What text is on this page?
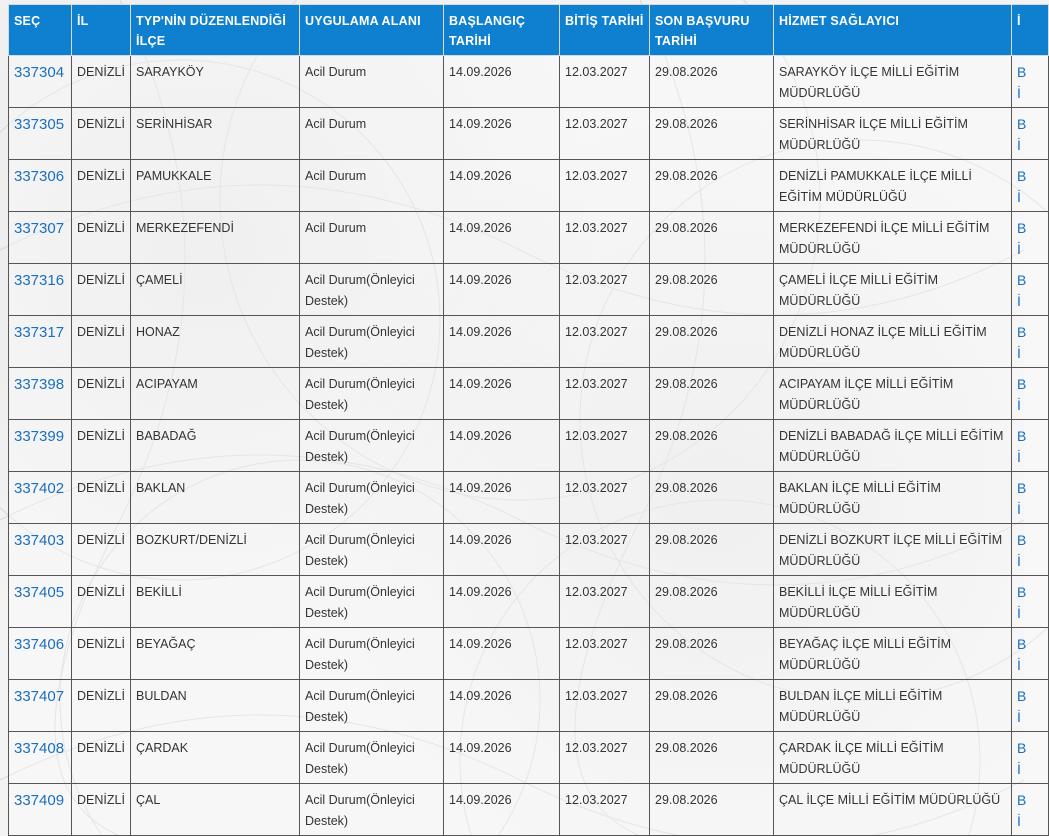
SEÇ	İL	TYP'NİN DÜZENLENDİĞİ İLÇE	UYGULAMA ALANI	BAŞLANGIÇ TARİHİ	BİTİŞ TARİHİ	SON BAŞVURU TARİHİ	HİZMET SAĞLAYICI	İ
337304	DENİZLİ	SARAYKÖY	Acil Durum	14.09.2026	12.03.2027	29.08.2026	SARAYKÖY İLÇE MİLLİ EĞİTİM MÜDÜRLÜĞÜ	B
İ

337305	DENİZLİ	SERİNHİSAR	Acil Durum	14.09.2026	12.03.2027	29.08.2026	SERİNHİSAR İLÇE MİLLİ EĞİTİM MÜDÜRLÜĞÜ	B
İ

337306	DENİZLİ	PAMUKKALE	Acil Durum	14.09.2026	12.03.2027	29.08.2026	DENİZLİ PAMUKKALE İLÇE MİLLİ EĞİTİM MÜDÜRLÜĞÜ	B
İ

337307	DENİZLİ	MERKEZEFENDİ	Acil Durum	14.09.2026	12.03.2027	29.08.2026	MERKEZEFENDİ İLÇE MİLLİ EĞİTİM MÜDÜRLÜĞÜ	B
İ

337316	DENİZLİ	ÇAMELİ	Acil Durum(Önleyici Destek)	14.09.2026	12.03.2027	29.08.2026	ÇAMELİ İLÇE MİLLİ EĞİTİM MÜDÜRLÜĞÜ	B
İ

337317	DENİZLİ	HONAZ	Acil Durum(Önleyici Destek)	14.09.2026	12.03.2027	29.08.2026	DENİZLİ HONAZ İLÇE MİLLİ EĞİTİM MÜDÜRLÜĞÜ	B
İ

337398	DENİZLİ	ACIPAYAM	Acil Durum(Önleyici Destek)	14.09.2026	12.03.2027	29.08.2026	ACIPAYAM İLÇE MİLLİ EĞİTİM MÜDÜRLÜĞÜ	B
İ

337399	DENİZLİ	BABADAĞ	Acil Durum(Önleyici Destek)	14.09.2026	12.03.2027	29.08.2026	DENİZLİ BABADAĞ İLÇE MİLLİ EĞİTİM MÜDÜRLÜĞÜ	B
İ

337402	DENİZLİ	BAKLAN	Acil Durum(Önleyici Destek)	14.09.2026	12.03.2027	29.08.2026	BAKLAN İLÇE MİLLİ EĞİTİM MÜDÜRLÜĞÜ	B
İ

337403	DENİZLİ	BOZKURT/DENİZLİ	Acil Durum(Önleyici Destek)	14.09.2026	12.03.2027	29.08.2026	DENİZLİ BOZKURT İLÇE MİLLİ EĞİTİM MÜDÜRLÜĞÜ	B
İ

337405	DENİZLİ	BEKİLLİ	Acil Durum(Önleyici Destek)	14.09.2026	12.03.2027	29.08.2026	BEKİLLİ İLÇE MİLLİ EĞİTİM MÜDÜRLÜĞÜ	B
İ

337406	DENİZLİ	BEYAĞAÇ	Acil Durum(Önleyici Destek)	14.09.2026	12.03.2027	29.08.2026	BEYAĞAÇ İLÇE MİLLİ EĞİTİM MÜDÜRLÜĞÜ	B
İ

337407	DENİZLİ	BULDAN	Acil Durum(Önleyici Destek)	14.09.2026	12.03.2027	29.08.2026	BULDAN İLÇE MİLLİ EĞİTİM MÜDÜRLÜĞÜ	B
İ

337408	DENİZLİ	ÇARDAK	Acil Durum(Önleyici Destek)	14.09.2026	12.03.2027	29.08.2026	ÇARDAK İLÇE MİLLİ EĞİTİM MÜDÜRLÜĞÜ	B
İ

337409	DENİZLİ	ÇAL	Acil Durum(Önleyici Destek)	14.09.2026	12.03.2027	29.08.2026	ÇAL İLÇE MİLLİ EĞİTİM MÜDÜRLÜĞÜ	B
İ
